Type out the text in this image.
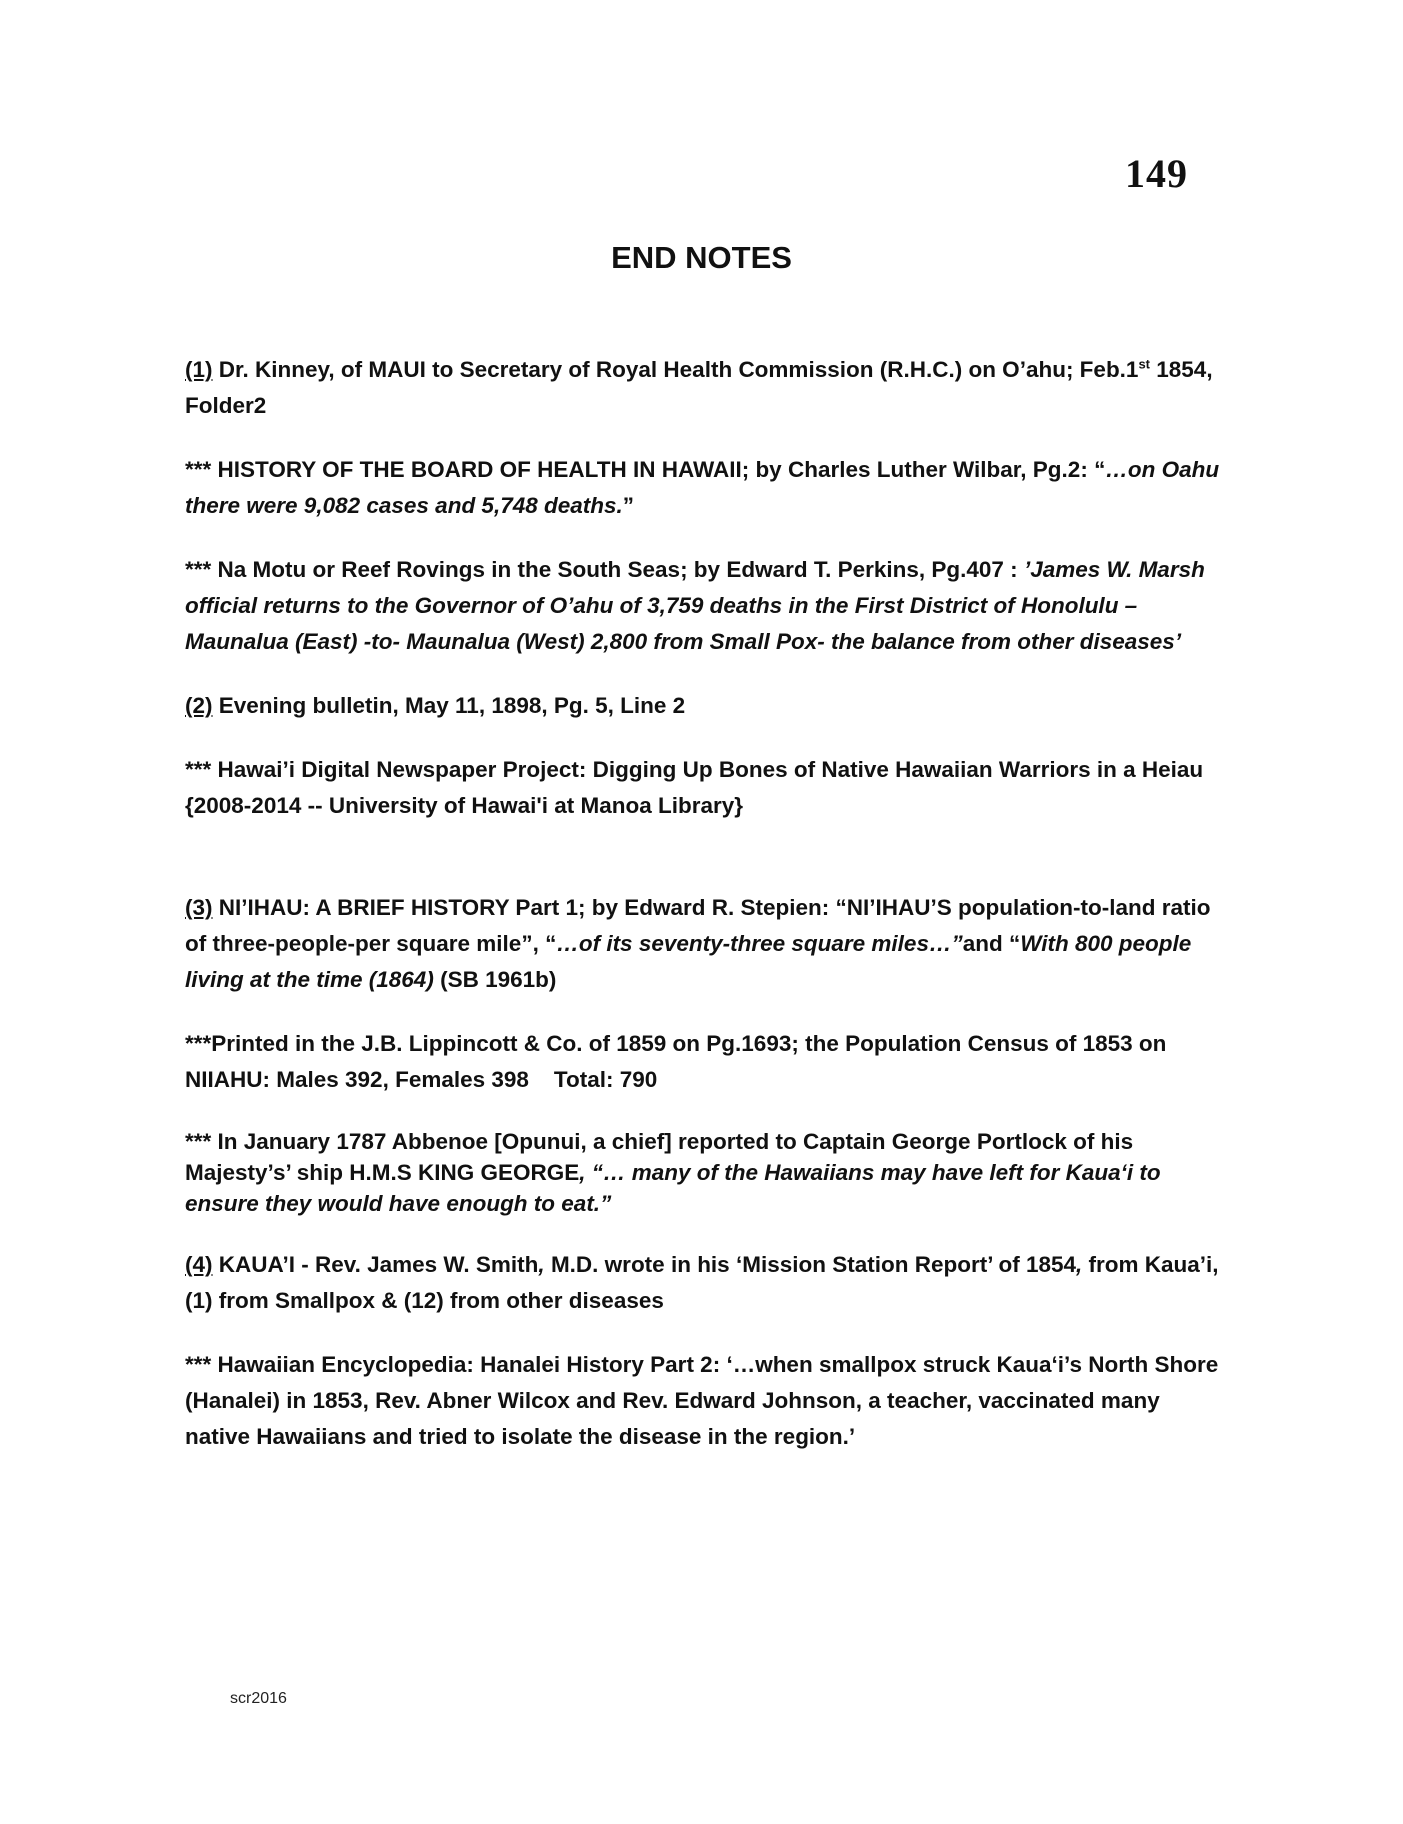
149
END NOTES

(1) Dr. Kinney, of MAUI to Secretary of Royal Health Commission (R.H.C.) on O’ahu; Feb.1st 1854, Folder2

*** HISTORY OF THE BOARD OF HEALTH IN HAWAII; by Charles Luther Wilbar, Pg.2: “…on Oahu there were 9,082 cases and 5,748 deaths.”

*** Na Motu or Reef Rovings in the South Seas; by Edward T. Perkins, Pg.407 : ’James W. Marsh official returns to the Governor of O’ahu of 3,759 deaths in the First District of Honolulu – Maunalua (East) -to- Maunalua (West) 2,800 from Small Pox- the balance from other diseases’

(2) Evening bulletin, May 11, 1898, Pg. 5, Line 2

*** Hawai’i Digital Newspaper Project: Digging Up Bones of Native Hawaiian Warriors in a Heiau {2008-2014 -- University of Hawai'i at Manoa Library}

(3) NI’IHAU: A BRIEF HISTORY Part 1; by Edward R. Stepien: “NI’IHAU’S population-to-land ratio of three-people-per square mile”, “…of its seventy-three square miles…”and “With 800 people living at the time (1864) (SB 1961b)

***Printed in the J.B. Lippincott & Co. of 1859 on Pg.1693; the Population Census of 1853 on
NIIAHU: Males 392, Females 398    Total: 790

*** In January 1787 Abbenoe [Opunui, a chief] reported to Captain George Portlock of his Majesty’s’ ship H.M.S KING GEORGE, “… many of the Hawaiians may have left for Kaua‘i to ensure they would have enough to eat.”

(4) KAUA’I - Rev. James W. Smith, M.D. wrote in his ‘Mission Station Report’ of 1854, from Kaua’i, (1) from Smallpox & (12) from other diseases

*** Hawaiian Encyclopedia: Hanalei History Part 2: ‘…when smallpox struck Kaua‘i’s North Shore (Hanalei) in 1853, Rev. Abner Wilcox and Rev. Edward Johnson, a teacher, vaccinated many native Hawaiians and tried to isolate the disease in the region.’

scr2016
